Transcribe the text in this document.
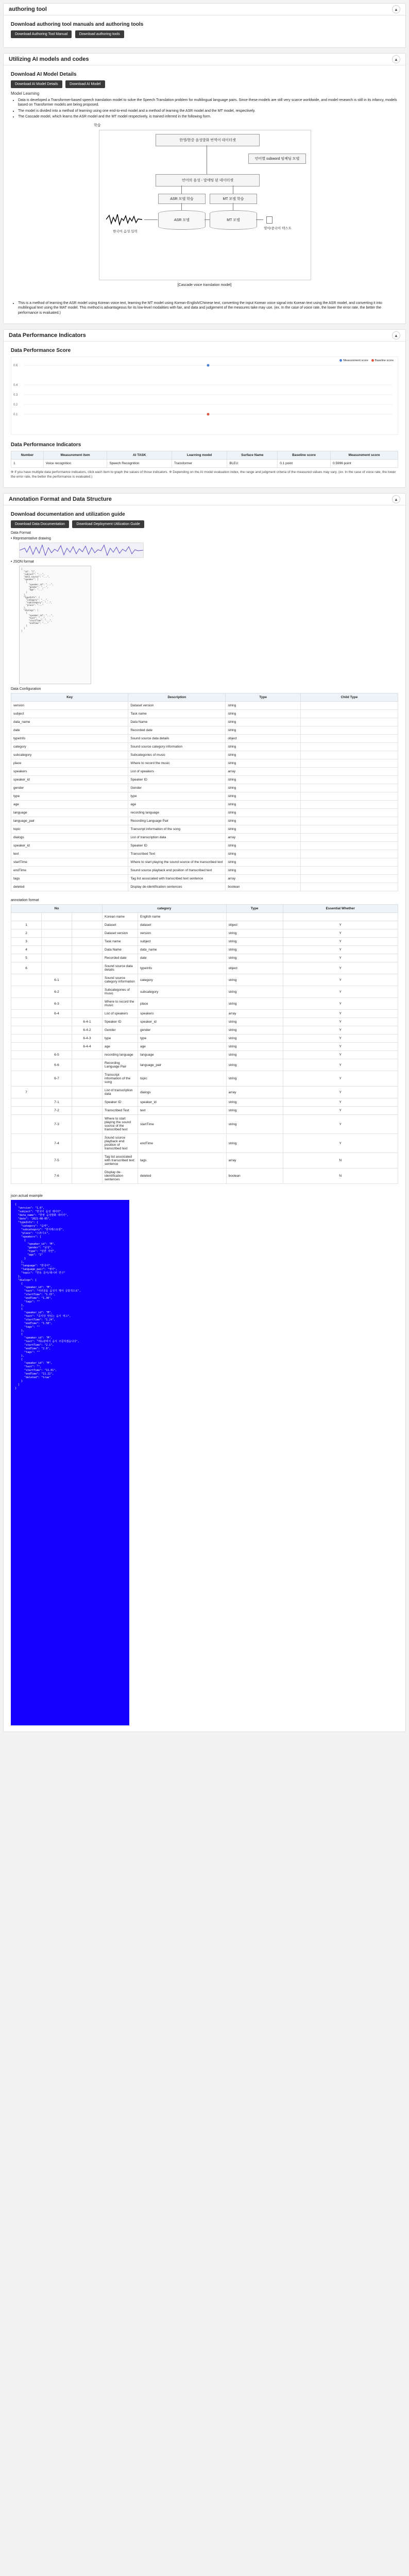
authoring tool	▲
Download authoring tool manuals and authoring tools
Download Authoring Tool Manual	Download authoring tools
Utilizing AI models and codes	▲
Download AI Model Details
Download AI Model Details	Download AI Model
Model Learning
• Data is developed a Transformer-based speech translation model to solve the Speech Translation problem for multilingual language pairs. Since these models are still very scarce worldwide, and model research is still in its infancy, models based on Transformer models are being proposed.
• The model is divided into a method of learning using one end-to-end model and a method of learning the ASR model and the MT model, respectively.
• The Cascade model, which learns the ASR model and the MT model respectively, is trained inferred in the following form.
학습
한영/한중 음성발화 번역어 데이터셋
언어별 subword 임베딩 모델
언어의 음성 - 말에팅 된 데이터셋
ASR 모델 학습	MT 모델 학습
ASR 모델	MT 모델
한국어 음성 입력
영어/중국어 텍스트
[Cascade voice translation model]
• This is a method of learning the ASR model using Korean voice text, learning the MT model using Korean-English/Chinese text, converting the input Korean voice signal into Korean text using the ASR model, and converting it into multilingual text using the MAT model. This method is advantageous for its low-level modalities with fair, and data and judgement of the measures take may use. (ex. In the case of voice rate, the lower the error rate, the better the performance is evaluated.)
Data Performance Indicators	▲
Data Performance Score
Measurement score	Baseline score
0.6
0.4
0.3
0.2
0.1
Data Performance Indicators
Number	Measurement item	AI TASK	Learning model	Surface Name	Baseline score	Measurement score
1	Voice recognition	Speech Recognition	Transformer	BLEU	0.1 point	0.5996 point

※ If you have multiple data performance indicators, click each item to graph the values of those indicators. ※ Depending on the AI model evaluation index, the range and judgment criteria of the measured values may vary. (ex. In the case of voice rate, the lower the error rate, the better the performance is evaluated.)

Annotation Format and Data Structure	▲
Download documentation and utilization guide
Download Data Documentation	Download Deployment Utilization Guide
Data Format
• Representative drawing
• JSON format
{
"id": "1",
"subject": "...",
"data_source": "...",
"speaker": [
{
"speaker_id": "...",
"gender": "...",
"age": "..."
}
],
"typeInfo": {
"category": "...",
"subcategory": "...",
"place": "..."
},
"dialogs": [
{
"speaker_id": "...",
"text": "...",
"startTime": "...",
"endTime": "..."
}
]
}
Data Configuration
Key	Description	Type	Child Type
version	Dataset version	string	
subject	Task name	string	
data_name	Data Name	string	
date	Recorded date	string	
typeInfo	Sound source data details	object	
category	Sound source category information	string	
subcategory	Subcategories of music	string	
place	Where to record the music	string	
speakers	List of speakers	array	
speaker_id	Speaker ID	string	
gender	Gender	string	
type	type	string	
age	age	string	
language	recording language	string	
language_pair	Recording Language Pair	string	
topic	Transcript information of the song	string	
dialogs	List of transcription data	array	
speaker_id	Speaker ID	string	
text	Transcribed Text	string	
startTime	Where to start playing the sound source of the transcribed text	string	
endTime	Sound source playback end position of transcribed text	string	
tags	Tag list associated with transcribed text sentence	array	
deleted	Display de-identification sentences	boolean	
annotation format
No			category		Type	Essential Whether
			Korean name	English name		
1			Dataset	dataset	object	Y
2			Dataset version	version	string	Y
3			Task name	subject	string	Y
4			Data Name	data_name	string	Y
5			Recorded date	date	string	Y
6			Sound source data details	typeInfo	object	Y
	6-1		Sound source category information	category	string	Y
	6-2		Subcategories of music	subcategory	string	Y
	6-3		Where to record the music	place	string	Y
	6-4		List of speakers	speakers	array	Y
		6-4-1	Speaker ID	speaker_id	string	Y
		6-4-2	Gender	gender	string	Y
		6-4-3	type	type	string	Y
		6-4-4	age	age	string	Y
	6-5		recording language	language	string	Y
	6-6		Recording Language Pair	language_pair	string	Y
	6-7		Transcript information of the song	topic	string	Y
7			List of transcription data	dialogs	array	Y
	7-1		Speaker ID	speaker_id	string	Y
	7-2		Transcribed Text	text	string	Y
	7-3		Where to start playing the sound source of the transcribed text	startTime	string	Y
	7-4		Sound source playback end position of transcribed text	endTime	string	Y
	7-5		Tag list associated with transcribed text sentence	tags	array	N
	7-6		Display de-identification sentences	deleted	boolean	N
json actual example
{
"version": "1.0",
"subject": "한국어 음성 데이터",
"data_name": "한영 음성발화 데이터",
"date": "2021-08-05",
"typeInfo": {
"category": "음악",
"subcategory": "한식레스토랑",
"place": "스튜디오",
"speakers": [
{
"speaker_id": "M",
"gender": "남성",
"type": "일반 자연",
"age": "2"
}
],
"language": "한국어",
"language_pair": "영어",
"topic": "한동 문사/레시피 연구"
},
"dialogs": [
{
"speaker_id": "M",
"text": "여러분을 음성기 행사 공통적으로",
"startTime": "1.15",
"endTime": "1.30",
"tags": ""
},
{
"speaker_id": "M",
"text": "중식당 맛있는 음식 먹고",
"startTime": "1.24",
"endTime": "1.58",
"tags": ""
},
{
"speaker_id": "M",
"text": "메뉴판에서 음식 주문하겠습니다",
"startTime": "2.1",
"endTime": "2.9",
"tags": ""
},
{
"speaker_id": "M",
"text": "",
"startTime": "11.01",
"endTime": "11.22",
"deleted": "true"
}
]
}
